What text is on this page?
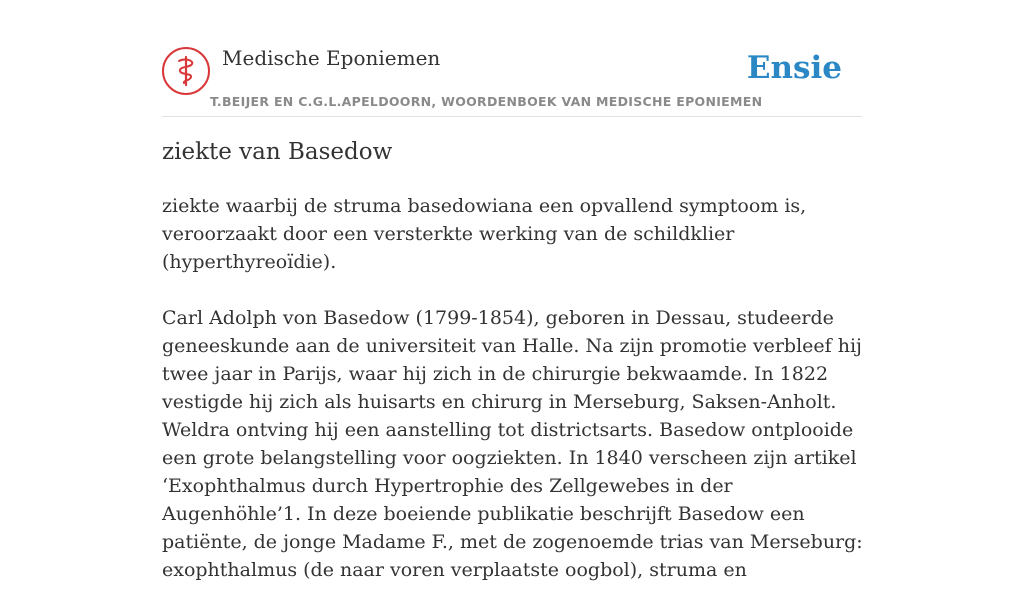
Medische Eponiemen
T.BEIJER EN C.G.L.APELDOORN, WOORDENBOEK VAN MEDISCHE EPONIEMEN
Ensie
ziekte van Basedow

ziekte waarbij de struma basedowiana een opvallend symptoom is, veroorzaakt door een versterkte werking van de schildklier (hyperthyreoïdie).

Carl Adolph von Basedow (1799-1854), geboren in Dessau, studeerde geneeskunde aan de universiteit van Halle. Na zijn promotie verbleef hij twee jaar in Parijs, waar hij zich in de chirurgie bekwaamde. In 1822 vestigde hij zich als huisarts en chirurg in Merseburg, Saksen-Anholt. Weldra ontving hij een aanstelling tot districtsarts. Basedow ontplooide een grote belangstelling voor oogziekten. In 1840 verscheen zijn artikel ‘Exophthalmus durch Hypertrophie des Zellgewebes in der Augenhöhle’1. In deze boeiende publikatie beschrijft Basedow een patiënte, de jonge Madame F., met de zogenoemde trias van Merseburg: exophthalmus (de naar voren verplaatste oogbol), struma en
